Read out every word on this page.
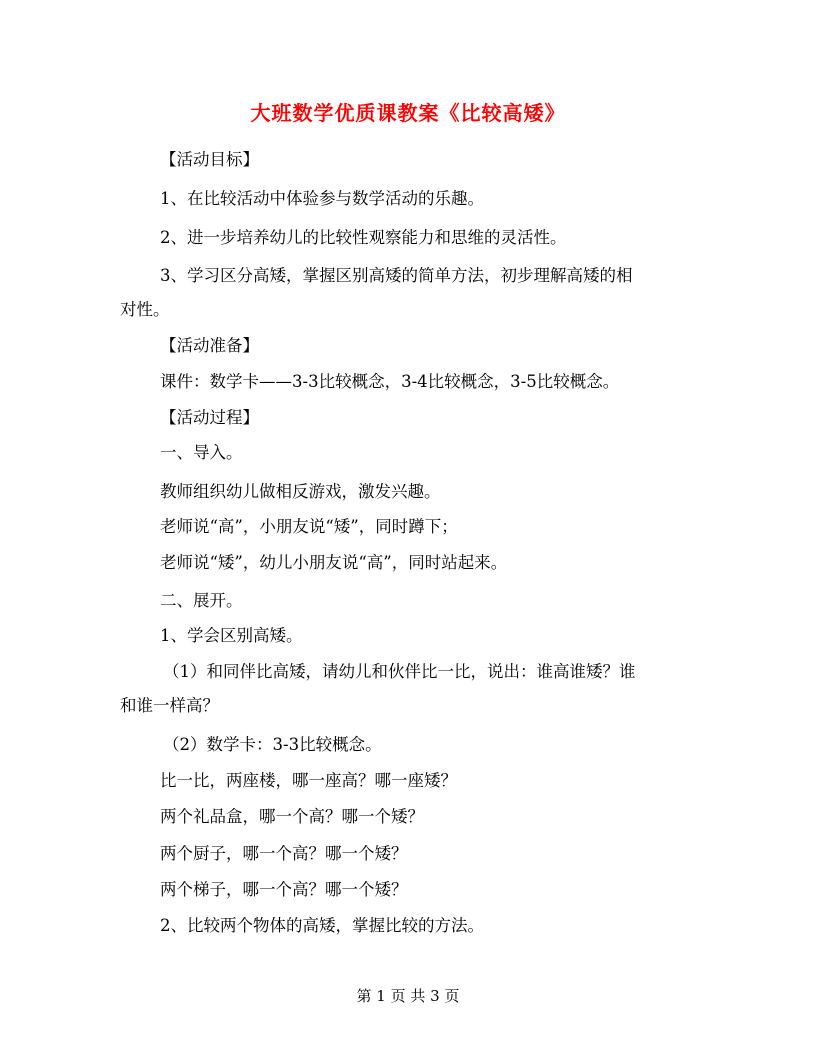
大班数学优质课教案《比较高矮》
【活动目标】
1、在比较活动中体验参与数学活动的乐趣。
2、进一步培养幼儿的比较性观察能力和思维的灵活性。
3、学习区分高矮，掌握区别高矮的简单方法，初步理解高矮的相
对性。
【活动准备】
课件：数学卡——3-3比较概念，3-4比较概念，3-5比较概念。
【活动过程】
一、导入。
教师组织幼儿做相反游戏，激发兴趣。
老师说“高”，小朋友说“矮”，同时蹲下；
老师说“矮”，幼儿小朋友说“高”，同时站起来。
二、展开。
1、学会区别高矮。
（1）和同伴比高矮，请幼儿和伙伴比一比，说出：谁高谁矮？谁
和谁一样高？
（2）数学卡：3-3比较概念。
比一比，两座楼，哪一座高？哪一座矮？
两个礼品盒，哪一个高？哪一个矮？
两个厨子，哪一个高？哪一个矮？
两个梯子，哪一个高？哪一个矮？
2、比较两个物体的高矮，掌握比较的方法。
第 1 页 共 3 页
